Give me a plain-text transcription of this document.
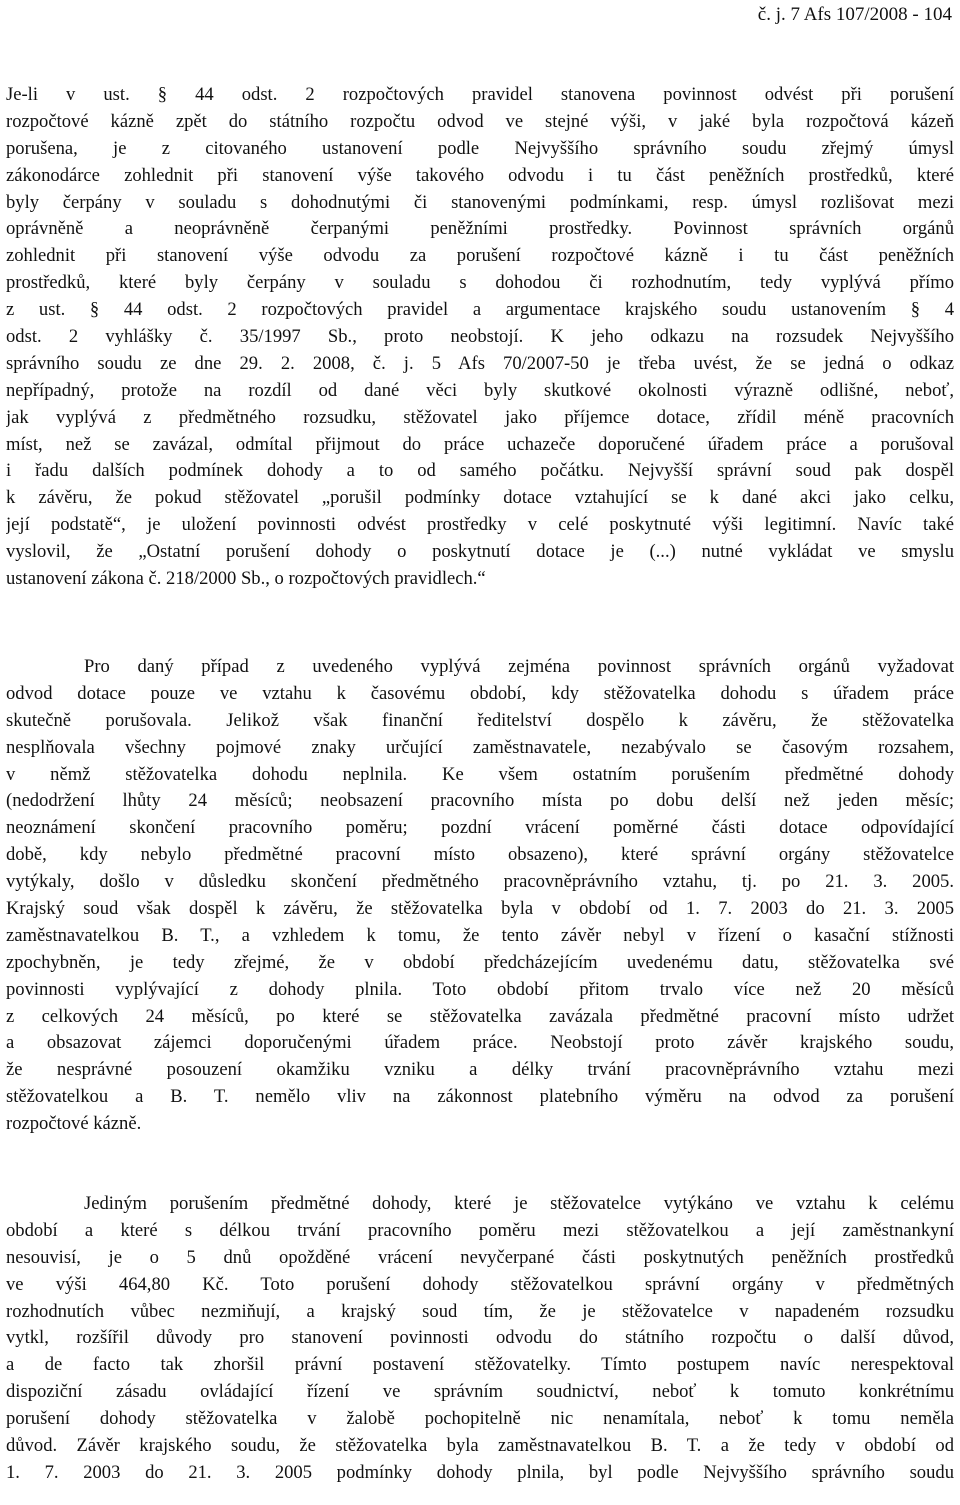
č. j. 7 Afs 107/2008 - 104
Je-li v ust. § 44 odst. 2 rozpočtových pravidel stanovena povinnost odvést při porušení
rozpočtové kázně zpět do státního rozpočtu odvod ve stejné výši, v jaké byla rozpočtová kázeň
porušena, je z citovaného ustanovení podle Nejvyššího správního soudu zřejmý úmysl
zákonodárce zohlednit při stanovení výše takového odvodu i tu část peněžních prostředků, které
byly čerpány v souladu s dohodnutými či stanovenými podmínkami, resp. úmysl rozlišovat mezi
oprávněně a neoprávněně čerpanými peněžními prostředky. Povinnost správních orgánů
zohlednit při stanovení výše odvodu za porušení rozpočtové kázně i tu část peněžních
prostředků, které byly čerpány v souladu s dohodou či rozhodnutím, tedy vyplývá přímo
z ust. § 44 odst. 2 rozpočtových pravidel a argumentace krajského soudu ustanovením § 4
odst. 2 vyhlášky č. 35/1997 Sb., proto neobstojí. K jeho odkazu na rozsudek Nejvyššího
správního soudu ze dne 29. 2. 2008, č. j. 5 Afs 70/2007-50 je třeba uvést, že se jedná o odkaz
nepřípadný, protože na rozdíl od dané věci byly skutkové okolnosti výrazně odlišné, neboť,
jak vyplývá z předmětného rozsudku, stěžovatel jako příjemce dotace, zřídil méně pracovních
míst, než se zavázal, odmítal přijmout do práce uchazeče doporučené úřadem práce a porušoval
i řadu dalších podmínek dohody a to od samého počátku. Nejvyšší správní soud pak dospěl
k závěru, že pokud stěžovatel „porušil podmínky dotace vztahující se k dané akci jako celku,
její podstatě“, je uložení povinnosti odvést prostředky v celé poskytnuté výši legitimní. Navíc také
vyslovil, že „Ostatní porušení dohody o poskytnutí dotace je (...) nutné vykládat ve smyslu
ustanovení zákona č. 218/2000 Sb., o rozpočtových pravidlech.“
Pro daný případ z uvedeného vyplývá zejména povinnost správních orgánů vyžadovat
odvod dotace pouze ve vztahu k časovému období, kdy stěžovatelka dohodu s úřadem práce
skutečně porušovala. Jelikož však finanční ředitelství dospělo k závěru, že stěžovatelka
nesplňovala všechny pojmové znaky určující zaměstnavatele, nezabývalo se časovým rozsahem,
v němž stěžovatelka dohodu neplnila. Ke všem ostatním porušením předmětné dohody
(nedodržení lhůty 24 měsíců; neobsazení pracovního místa po dobu delší než jeden měsíc;
neoznámení skončení pracovního poměru; pozdní vrácení poměrné části dotace odpovídající
době, kdy nebylo předmětné pracovní místo obsazeno), které správní orgány stěžovatelce
vytýkaly, došlo v důsledku skončení předmětného pracovněprávního vztahu, tj. po 21. 3. 2005.
Krajský soud však dospěl k závěru, že stěžovatelka byla v období od 1. 7. 2003 do 21. 3. 2005
zaměstnavatelkou B. T., a vzhledem k tomu, že tento závěr nebyl v řízení o kasační stížnosti
zpochybněn, je tedy zřejmé, že v období předcházejícím uvedenému datu, stěžovatelka své
povinnosti vyplývající z dohody plnila. Toto období přitom trvalo více než 20 měsíců
z celkových 24 měsíců, po které se stěžovatelka zavázala předmětné pracovní místo udržet
a obsazovat zájemci doporučenými úřadem práce. Neobstojí proto závěr krajského soudu,
že nesprávné posouzení okamžiku vzniku a délky trvání pracovněprávního vztahu mezi
stěžovatelkou a B. T. nemělo vliv na zákonnost platebního výměru na odvod za porušení
rozpočtové kázně.
Jediným porušením předmětné dohody, které je stěžovatelce vytýkáno ve vztahu k celému
období a které s délkou trvání pracovního poměru mezi stěžovatelkou a její zaměstnankyní
nesouvisí, je o 5 dnů opožděné vrácení nevyčerpané části poskytnutých peněžních prostředků
ve výši 464,80 Kč. Toto porušení dohody stěžovatelkou správní orgány v předmětných
rozhodnutích vůbec nezmiňují, a krajský soud tím, že je stěžovatelce v napadeném rozsudku
vytkl, rozšířil důvody pro stanovení povinnosti odvodu do státního rozpočtu o další důvod,
a de facto tak zhoršil právní postavení stěžovatelky. Tímto postupem navíc nerespektoval
dispoziční zásadu ovládající řízení ve správním soudnictví, neboť k tomuto konkrétnímu
porušení dohody stěžovatelka v žalobě pochopitelně nic nenamítala, neboť k tomu neměla
důvod. Závěr krajského soudu, že stěžovatelka byla zaměstnavatelkou B. T. a že tedy v období od
1. 7. 2003 do 21. 3. 2005 podmínky dohody plnila, byl podle Nejvyššího správního soudu
